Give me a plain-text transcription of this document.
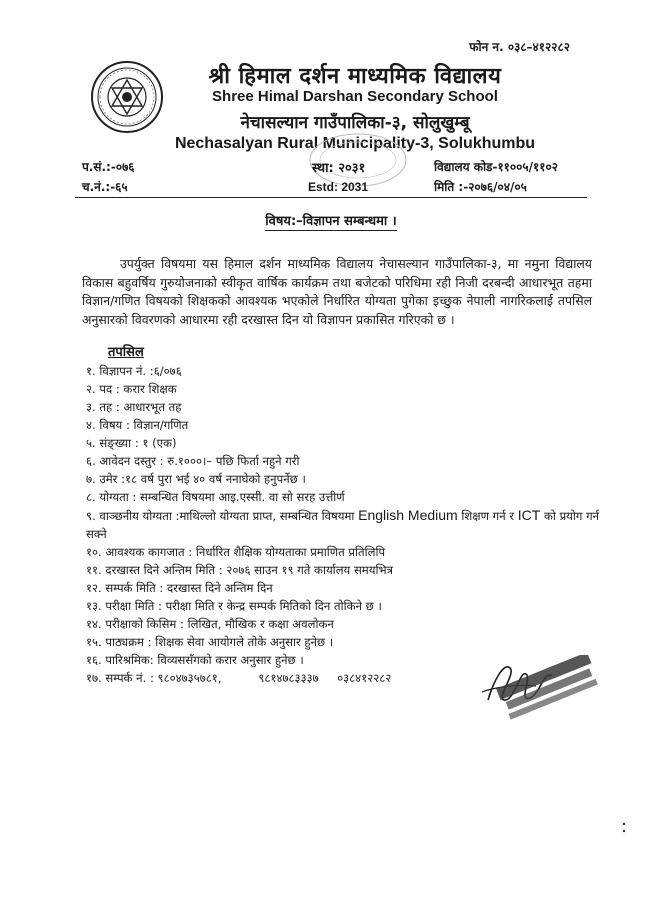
फोन न. ०३८–४१२२८२
श्री हिमाल दर्शन माध्यमिक विद्यालय
Shree Himal Darshan Secondary School
नेचासल्यान गाउँपालिका-३, सोलुखुम्बू
Nechasalyan Rural Municipality-3, Solukhumbu
प.सं.:-०७६
च.नं.:-६५
स्था: २०३१
Estd: 2031
विद्यालय कोड-११००५/११०२
मिति :-२०७६/०४/०५
विषय:–विज्ञापन सम्बन्धमा ।

उपर्युक्त विषयमा यस हिमाल दर्शन माध्यमिक विद्यालय नेचासल्यान गाउँपालिका-३, मा नमुना विद्यालय विकास बहुवर्षिय गुरुयोजनाको स्वीकृत वार्षिक कार्यक्रम तथा बजेटको परिधिमा रही निजी दरबन्दी आधारभूत तहमा विज्ञान/गणित विषयको शिक्षकको आवश्यक भएकोले निर्धारित योग्यता पुगेका इच्छुक नेपाली नागरिकलाई तपसिल अनुसारको विवरणको आधारमा रही दरखास्त दिन यो विज्ञापन प्रकासित गरिएको छ ।

तपसिल
१. विज्ञापन नं. :६/०७६
२. पद : करार शिक्षक
३. तह : आधारभूत तह
४. विषय : विज्ञान/गणित
५. संङ्ख्या : १ (एक)
६. आवेदन दस्तुर : रु.१०००।– पछि फिर्ता नहुने गरी
७. उमेर :१८ वर्ष पुरा भई ४० वर्ष ननाघेको हनुपर्नेछ ।
८. योग्यता : सम्बन्धित विषयमा आइ.एस्सी. वा सो सरह उत्तीर्ण
९. वाञ्छनीय योग्यता :माथिल्लो योग्यता प्राप्त, सम्बन्धित विषयमा English Medium शिक्षण गर्न र ICT को प्रयोग गर्न सक्ने
१०. आवश्यक कागजात : निर्धारित शैक्षिक योग्यताका प्रमाणित प्रतिलिपि
११. दरखास्त दिने अन्तिम मिति : २०७६ साउन १९ गते कार्यालय समयभित्र
१२. सम्पर्क मिति : दरखास्त दिने अन्तिम दिन
१३. परीक्षा मिति : परीक्षा मिति र केन्द्र सम्पर्क मितिको दिन तोकिने छ ।
१४. परीक्षाको किसिम : लिखित, मौखिक र कक्षा अवलोकन
१५. पाठ्यक्रम : शिक्षक सेवा आयोगले तोके अनुसार हुनेछ ।
१६. पारिश्रमिक: विव्यससँगको करार अनुसार हुनेछ ।
१७. सम्पर्क नं. : ९८०४७३५७८१,          ९८१४७८३३३७     ०३८४१२२८२
